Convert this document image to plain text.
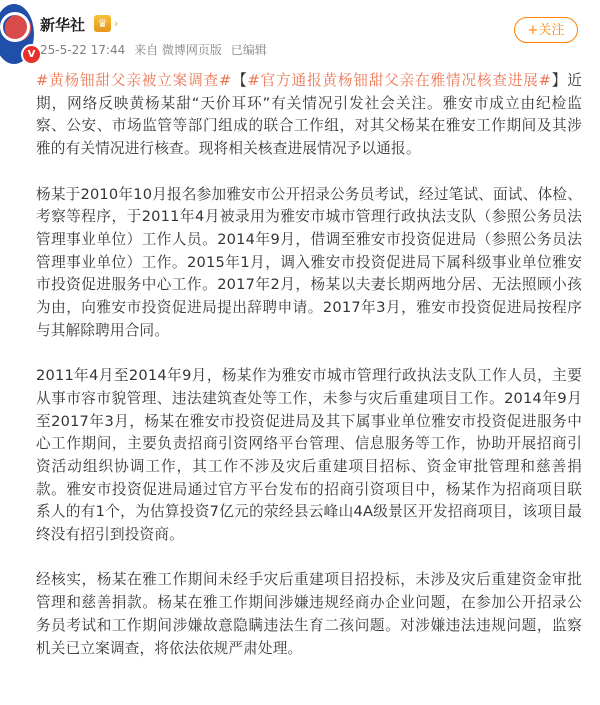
V
新华社	♛ ›
25-5-22 17:44 来自 微博网页版 已编辑
+关注

#黄杨钿甜父亲被立案调查#【#官方通报黄杨钿甜父亲在雅情况核查进展#】近期，网络反映黄杨某甜“天价耳环”有关情况引发社会关注。雅安市成立由纪检监察、公安、市场监管等部门组成的联合工作组，对其父杨某在雅安工作期间及其涉雅的有关情况进行核查。现将相关核查进展情况予以通报。

杨某于2010年10月报名参加雅安市公开招录公务员考试，经过笔试、面试、体检、考察等程序，于2011年4月被录用为雅安市城市管理行政执法支队（参照公务员法管理事业单位）工作人员。2014年9月，借调至雅安市投资促进局（参照公务员法管理事业单位）工作。2015年1月，调入雅安市投资促进局下属科级事业单位雅安市投资促进服务中心工作。2017年2月，杨某以夫妻长期两地分居、无法照顾小孩为由，向雅安市投资促进局提出辞聘申请。2017年3月，雅安市投资促进局按程序与其解除聘用合同。

2011年4月至2014年9月，杨某作为雅安市城市管理行政执法支队工作人员，主要从事市容市貌管理、违法建筑查处等工作，未参与灾后重建项目工作。2014年9月至2017年3月，杨某在雅安市投资促进局及其下属事业单位雅安市投资促进服务中心工作期间，主要负责招商引资网络平台管理、信息服务等工作，协助开展招商引资活动组织协调工作，其工作不涉及灾后重建项目招标、资金审批管理和慈善捐款。雅安市投资促进局通过官方平台发布的招商引资项目中，杨某作为招商项目联系人的有1个，为估算投资7亿元的荥经县云峰山4A级景区开发招商项目，该项目最终没有招引到投资商。

经核实，杨某在雅工作期间未经手灾后重建项目招投标，未涉及灾后重建资金审批管理和慈善捐款。杨某在雅工作期间涉嫌违规经商办企业问题，在参加公开招录公务员考试和工作期间涉嫌故意隐瞒违法生育二孩问题。对涉嫌违法违规问题，监察机关已立案调查，将依法依规严肃处理。
